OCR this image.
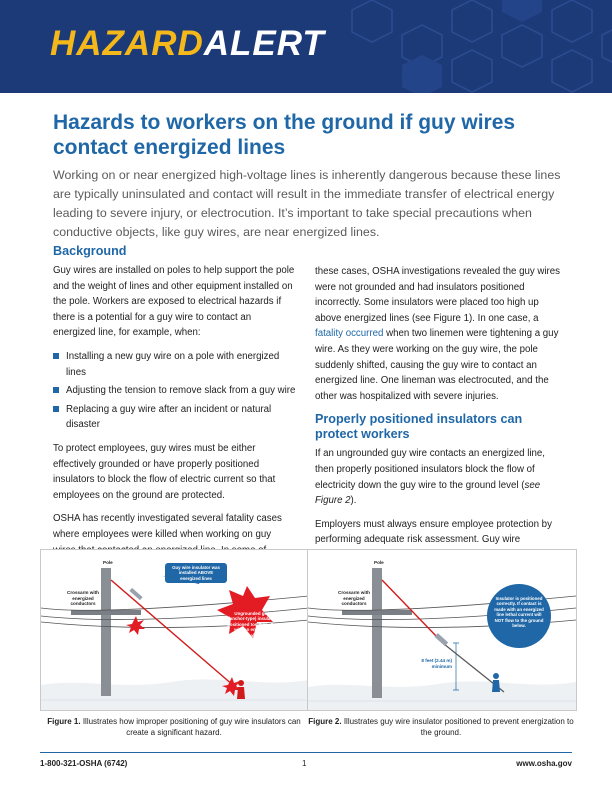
HAZARDALERT
Hazards to workers on the ground if guy wires contact energized lines

Working on or near energized high-voltage lines is inherently dangerous because these lines are typically uninsulated and contact will result in the immediate transfer of electrical energy leading to severe injury, or electrocution. It’s important to take special precautions when conductive objects, like guy wires, are near energized lines.

Background

Guy wires are installed on poles to help support the pole and the weight of lines and other equipment installed on the pole. Workers are exposed to electrical hazards if there is a potential for a guy wire to contact an energized line, for example, when:

Installing a new guy wire on a pole with energized lines
Adjusting the tension to remove slack from a guy wire
Replacing a guy wire after an incident or natural disaster

To protect employees, guy wires must be either effectively grounded or have properly positioned insulators to block the flow of electric current so that employees on the ground are protected.

OSHA has recently investigated several fatality cases where employees were killed when working on guy

these cases, OSHA investigations revealed the guy wires were not grounded and had insulators positioned incorrectly. Some insulators were placed too high up above energized lines (see Figure 1). In one case, a fatality occurred when two linemen were tightening a guy wire. As they were working on the guy wire, the pole suddenly shifted, causing the guy wire to contact an energized line. One lineman was electrocuted, and the other was hospitalized with severe injuries.

Properly positioned insulators can protect workers

If an ungrounded guy wire contacts an energized line, then properly positioned insulators block the flow of electricity down the guy wire to the ground level (see Figure 2).

Employers must always ensure employee protection by performing adequate risk assessment. Guy wire

Pole
Crossarm with energized conductors
Guy wire insulator was installed ABOVE energized lines
Ungrounded guy wire (anchor-type) insulator was positioned too high. Contact with an energized line allows lethal current flow to the ground below.
Figure 1. Illustrates how improper positioning of guy wire insulators can create a significant hazard.
Pole
Crossarm with energized conductors
8 feet (2.44 m) minimum
Insulator is positioned correctly. If contact is made with an energized line lethal current will NOT flow to the ground below.
Figure 2. Illustrates guy wire insulator positioned to prevent energization to the ground.
1-800-321-OSHA (6742)	1	www.osha.gov
